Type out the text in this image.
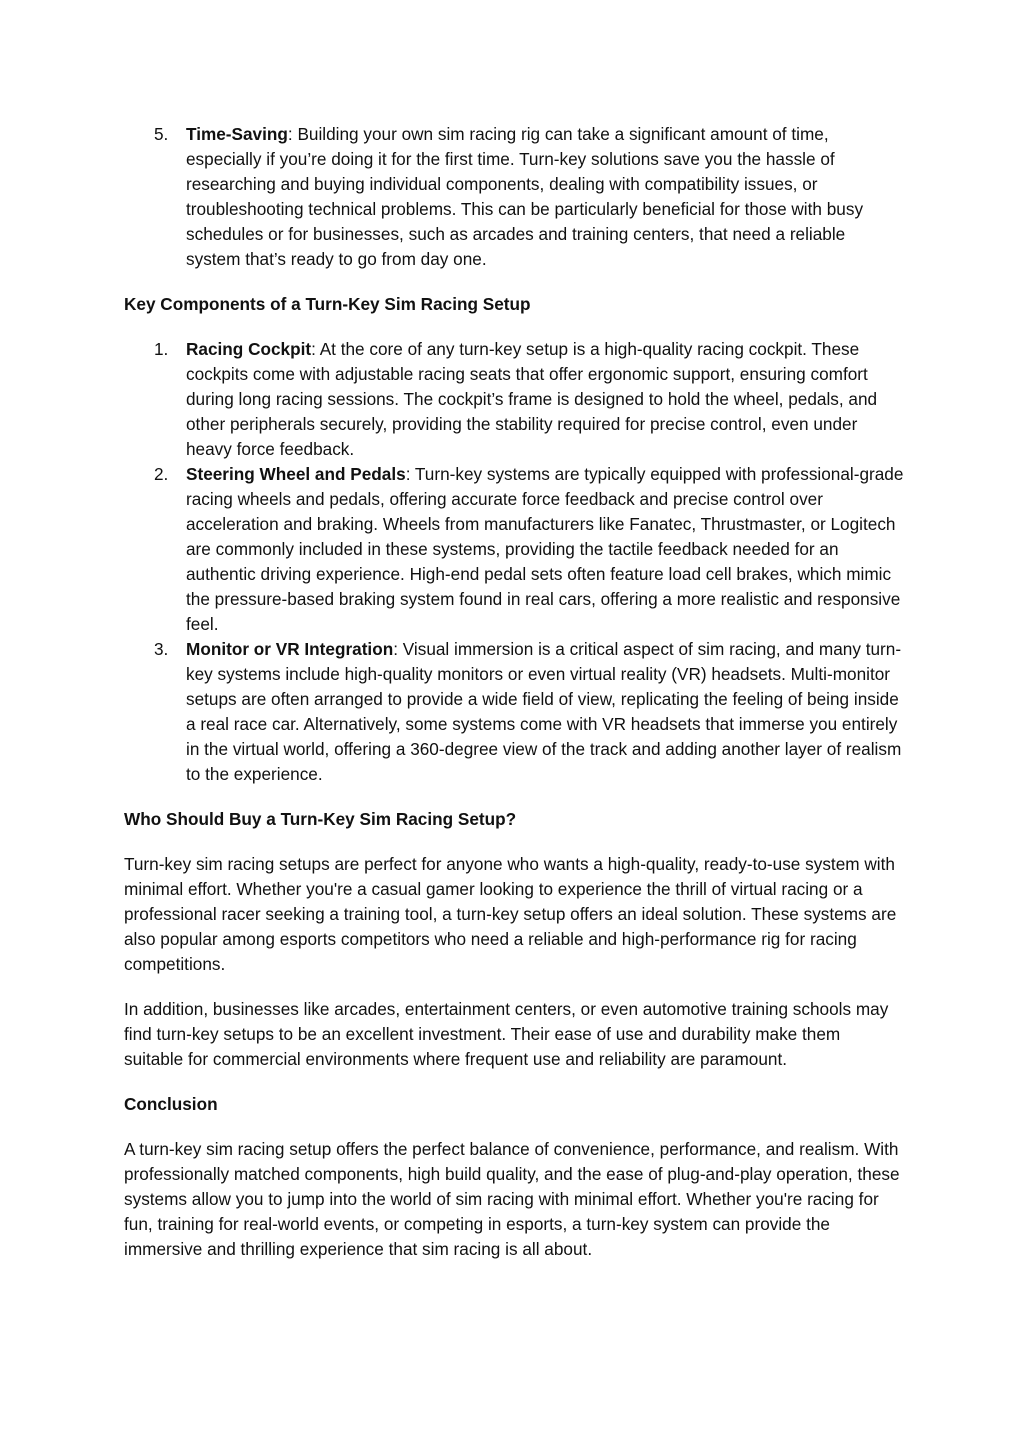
5.	Time-Saving: Building your own sim racing rig can take a significant amount of time, especially if you’re doing it for the first time. Turn-key solutions save you the hassle of researching and buying individual components, dealing with compatibility issues, or troubleshooting technical problems. This can be particularly beneficial for those with busy schedules or for businesses, such as arcades and training centers, that need a reliable system that’s ready to go from day one.
Key Components of a Turn-Key Sim Racing Setup
1.	Racing Cockpit: At the core of any turn-key setup is a high-quality racing cockpit. These cockpits come with adjustable racing seats that offer ergonomic support, ensuring comfort during long racing sessions. The cockpit’s frame is designed to hold the wheel, pedals, and other peripherals securely, providing the stability required for precise control, even under heavy force feedback.
2.	Steering Wheel and Pedals: Turn-key systems are typically equipped with professional-grade racing wheels and pedals, offering accurate force feedback and precise control over acceleration and braking. Wheels from manufacturers like Fanatec, Thrustmaster, or Logitech are commonly included in these systems, providing the tactile feedback needed for an authentic driving experience. High-end pedal sets often feature load cell brakes, which mimic the pressure-based braking system found in real cars, offering a more realistic and responsive feel.
3.	Monitor or VR Integration: Visual immersion is a critical aspect of sim racing, and many turn-key systems include high-quality monitors or even virtual reality (VR) headsets. Multi-monitor setups are often arranged to provide a wide field of view, replicating the feeling of being inside a real race car. Alternatively, some systems come with VR headsets that immerse you entirely in the virtual world, offering a 360-degree view of the track and adding another layer of realism to the experience.
Who Should Buy a Turn-Key Sim Racing Setup?

Turn-key sim racing setups are perfect for anyone who wants a high-quality, ready-to-use system with minimal effort. Whether you're a casual gamer looking to experience the thrill of virtual racing or a professional racer seeking a training tool, a turn-key setup offers an ideal solution. These systems are also popular among esports competitors who need a reliable and high-performance rig for racing competitions.

In addition, businesses like arcades, entertainment centers, or even automotive training schools may find turn-key setups to be an excellent investment. Their ease of use and durability make them suitable for commercial environments where frequent use and reliability are paramount.

Conclusion

A turn-key sim racing setup offers the perfect balance of convenience, performance, and realism. With professionally matched components, high build quality, and the ease of plug-and-play operation, these systems allow you to jump into the world of sim racing with minimal effort. Whether you're racing for fun, training for real-world events, or competing in esports, a turn-key system can provide the immersive and thrilling experience that sim racing is all about.
